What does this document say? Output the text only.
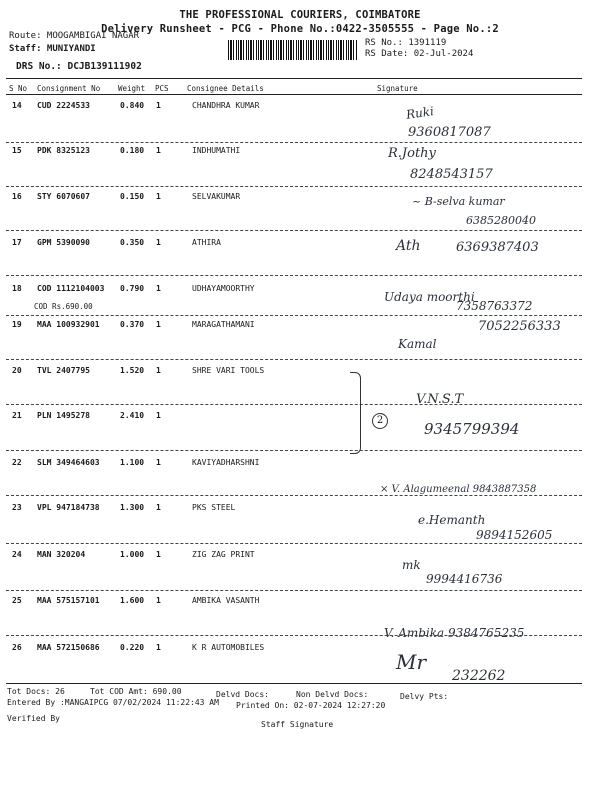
THE PROFESSIONAL COURIERS, COIMBATORE
Delivery Runsheet - PCG - Phone No.:0422-3505555 - Page No.:2
Route: MOOGAMBIGAI NAGAR
Staff: MUNIYANDI
DRS No.: DCJB139111902
RS No.: 1391119
RS Date: 02-Jul-2024
S No Consignment No Weight PCS Consignee Details	Signature
14 CUD 2224533	0.840 1	CHANDHRA KUMAR	Ruki
9360817087
15 PDK 8325123	0.180 1	INDHUMATHI	R.Jothy
8248543157
16 STY 6070607	0.150 1	SELVAKUMAR	~ B-selva kumar
6385280040
17 GPM 5390090	0.350 1	ATHIRA	Ath	6369387403
18 COD 1112104003 0.790 1	UDHAYAMOORTHY
COD Rs.690.00
Udaya moorthi
7358763372
19 MAA 100932901	0.370 1	MARAGATHAMANI
Kamal
7052256333
20 TVL 2407795	1.520 1	SHRE VARI TOOLS
21 PLN 1495278	2.410 1	2
V.N.S.T
9345799394
22 SLM 349464603	1.100 1	KAVIYADHARSHNI
× V. Alagumeenal 9843887358
23 VPL 947184738	1.300 1	PKS STEEL
e.Hemanth
9894152605
24 MAN 320204	1.000 1	ZIG ZAG PRINT
mk
9994416736
25 MAA 575157101	1.600 1	AMBIKA VASANTH
V. Ambika 9384765235
26 MAA 572150686	0.220 1	K R AUTOMOBILES
Mr
232262
Tot Docs: 26	Tot COD Amt: 690.00	Delvd Docs:	Non Delvd Docs:	Delvy Pts:
Entered By :MANGAIPCG 07/02/2024 11:22:43 AM Printed On: 02-07-2024 12:27:20
Verified By
Staff Signature
